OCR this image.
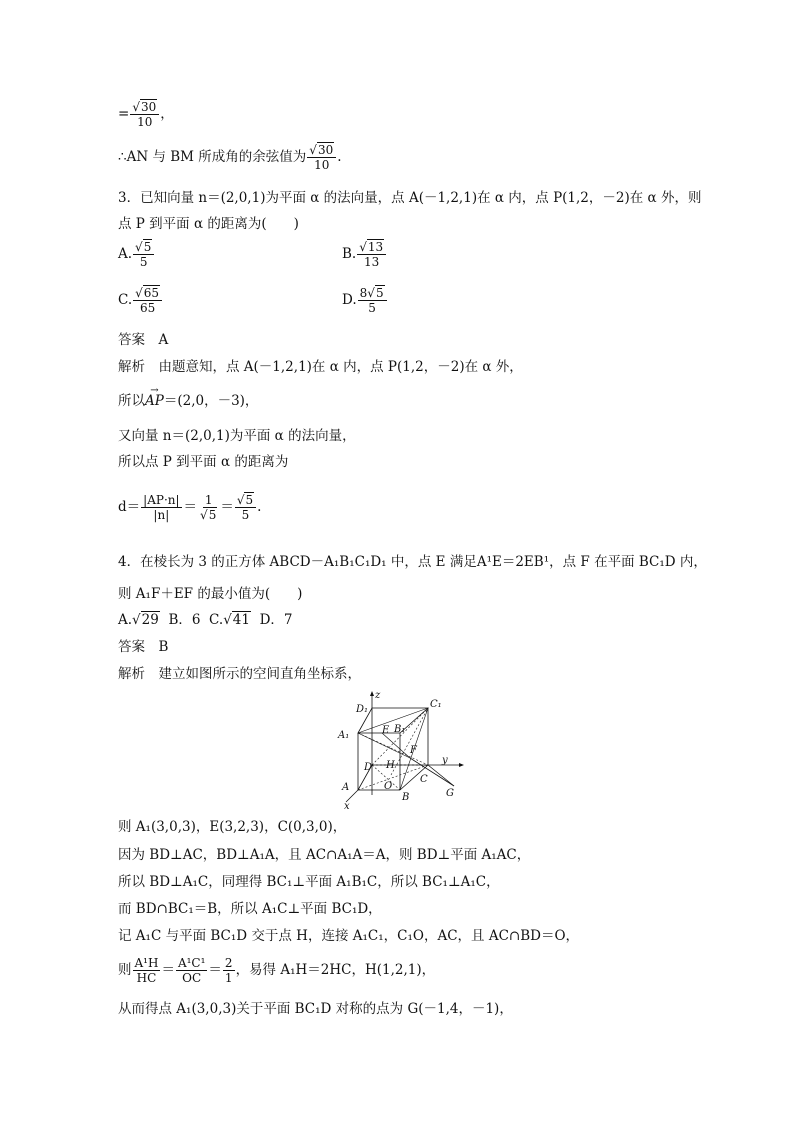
= $\frac{√30}{10}$ ，
∴AN 与 BM 所成角的余弦值为 $\frac{√30}{10}$ .
3．已知向量 n＝(2,0,1)为平面 α 的法向量，点 A(－1,2,1)在 α 内，点 P(1,2，－2)在 α 外，则
点 P 到平面 α 的距离为(　　)
A. $\frac{√5}{5}$	B. $\frac{√13}{13}$
C. $\frac{√65}{65}$	D. $\frac{8√5}{5}$
答案　A
解析　由题意知，点 A(－1,2,1)在 α 内，点 P(1,2，－2)在 α 外，
所以→ AP＝(2,0，－3)，
又向量 n＝(2,0,1)为平面 α 的法向量，
所以点 P 到平面 α 的距离为
$d= \frac{|AP\cdot n|}{|n|} = \frac{1}{√5} = \frac{√5}{5}$ .
4．在棱长为 3 的正方体 ABCD－A₁B₁C₁D₁ 中，点 E 满足A¹E＝2EB¹，点 F 在平面 BC₁D 内，
则 A₁F＋EF 的最小值为(　　)
A.√29 B．6 C.√41 D．7
答案　B
解析　建立如图所示的空间直角坐标系，
z
D₁	C₁
A₁	E B₁
F
D H	y
C
A	O
B	G
x
则 A₁(3,0,3)，E(3,2,3)，C(0,3,0)，
因为 BD⊥AC，BD⊥A₁A，且 AC∩A₁A＝A，则 BD⊥平面 A₁AC，
所以 BD⊥A₁C，同理得 BC₁⊥平面 A₁B₁C，所以 BC₁⊥A₁C，
而 BD∩BC₁＝B，所以 A₁C⊥平面 BC₁D，
记 A₁C 与平面 BC₁D 交于点 H，连接 A₁C₁，C₁O，AC，且 AC∩BD＝O，
则 $\frac{\text{A¹H}}{HC} = \frac{\text{A¹C¹}}{OC} = \frac{2}{1}$ ，易得 A₁H＝2HC，H(1,2,1)，
从而得点 A₁(3,0,3)关于平面 BC₁D 对称的点为 G(－1,4，－1)，
